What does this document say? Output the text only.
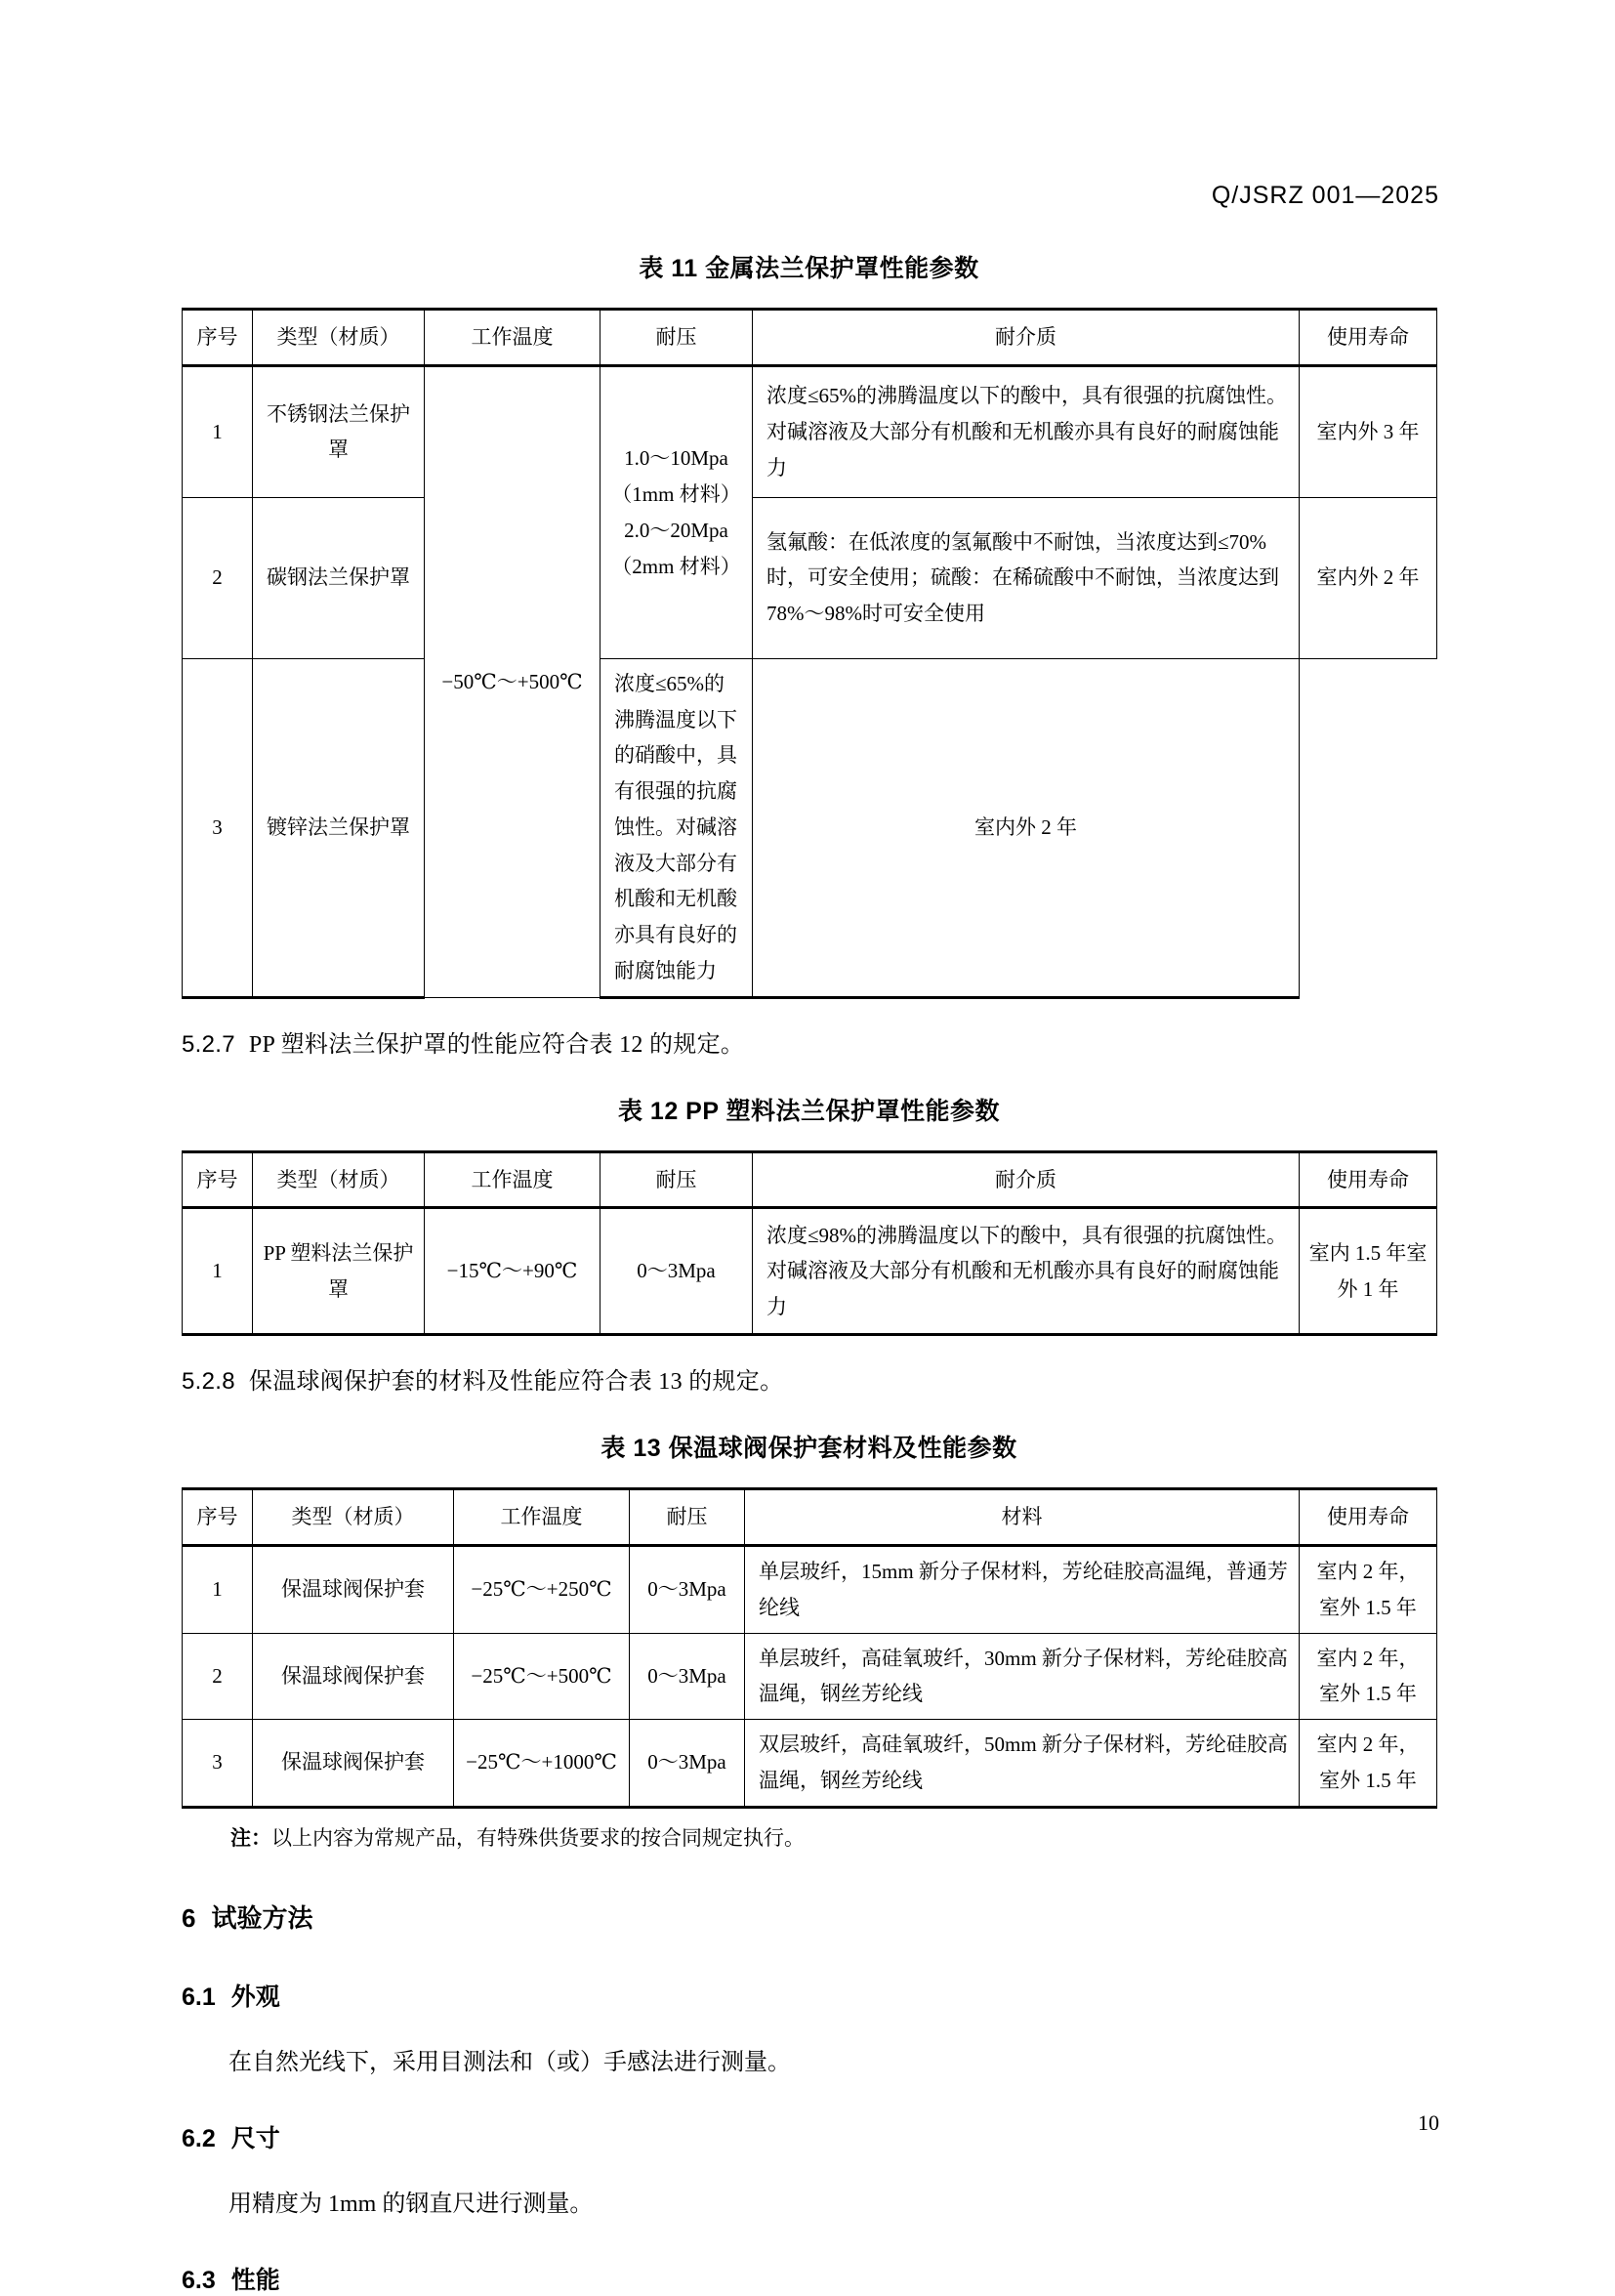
Q/JSRZ 001—2025
表 11 金属法兰保护罩性能参数
序号	类型（材质）	工作温度	耐压	耐介质	使用寿命
1	不锈钢法兰保护罩	−50℃～+500℃	1.0～10Mpa
（1mm 材料）
2.0～20Mpa
（2mm 材料）	浓度≤65%的沸腾温度以下的酸中，具有很强的抗腐蚀性。对碱溶液及大部分有机酸和无机酸亦具有良好的耐腐蚀能力	室内外 3 年
2	碳钢法兰保护罩			氢氟酸：在低浓度的氢氟酸中不耐蚀，当浓度达到≤70%时，可安全使用；硫酸：在稀硫酸中不耐蚀，当浓度达到 78%～98%时可安全使用	室内外 2 年
3	镀锌法兰保护罩		浓度≤65%的沸腾温度以下的硝酸中，具有很强的抗腐蚀性。对碱溶液及大部分有机酸和无机酸亦具有良好的耐腐蚀能力	室内外 2 年	

5.2.7 PP 塑料法兰保护罩的性能应符合表 12 的规定。

表 12 PP 塑料法兰保护罩性能参数
序号	类型（材质）	工作温度	耐压	耐介质	使用寿命
1	PP 塑料法兰保护罩	−15℃～+90℃	0～3Mpa	浓度≤98%的沸腾温度以下的酸中，具有很强的抗腐蚀性。对碱溶液及大部分有机酸和无机酸亦具有良好的耐腐蚀能力	室内 1.5 年室外 1 年

5.2.8 保温球阀保护套的材料及性能应符合表 13 的规定。

表 13 保温球阀保护套材料及性能参数
序号	类型（材质）	工作温度	耐压	材料	使用寿命
1	保温球阀保护套	−25℃～+250℃	0～3Mpa	单层玻纤，15mm 新分子保材料，芳纶硅胶高温绳，普通芳纶线	室内 2 年，室外 1.5 年
2	保温球阀保护套	−25℃～+500℃	0～3Mpa	单层玻纤，高硅氧玻纤，30mm 新分子保材料，芳纶硅胶高温绳，钢丝芳纶线	室内 2 年，室外 1.5 年
3	保温球阀保护套	−25℃～+1000℃	0～3Mpa	双层玻纤，高硅氧玻纤，50mm 新分子保材料，芳纶硅胶高温绳，钢丝芳纶线	室内 2 年，室外 1.5 年

注：以上内容为常规产品，有特殊供货要求的按合同规定执行。

6 试验方法
6.1 外观

在自然光线下，采用目测法和（或）手感法进行测量。

6.2 尺寸

用精度为 1mm 的钢直尺进行测量。

6.3 性能
10
